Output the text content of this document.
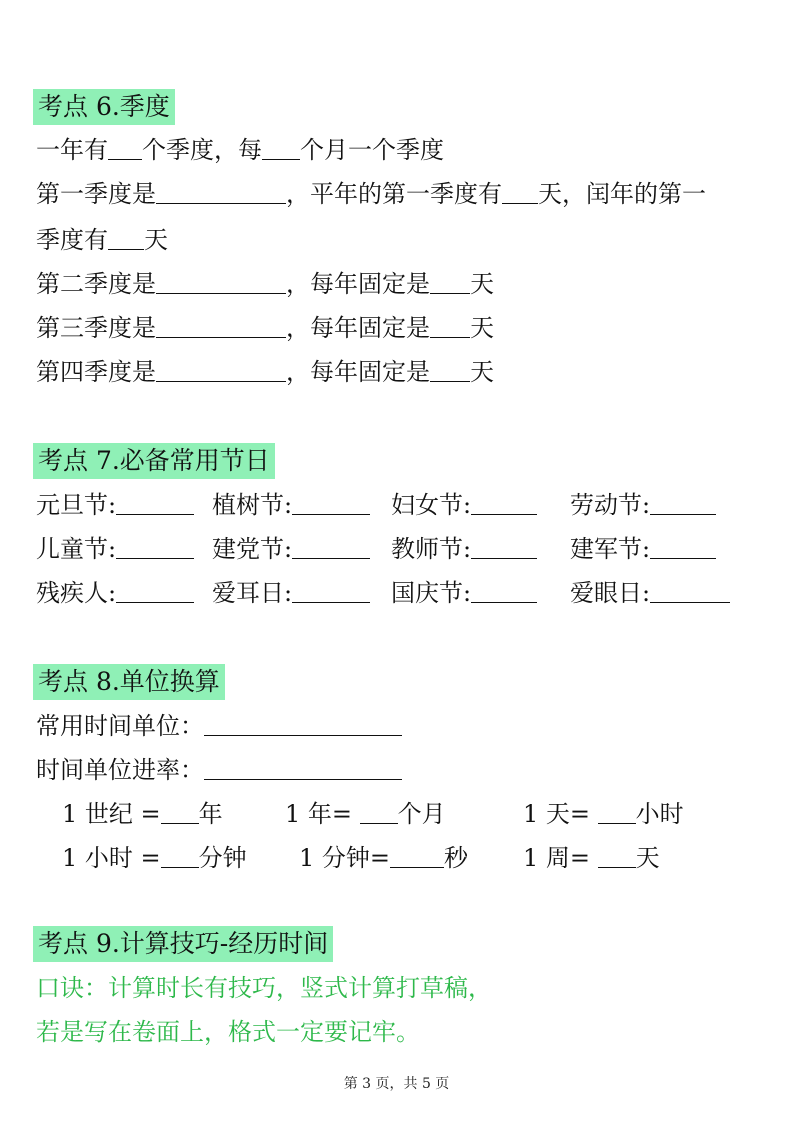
考点 6.季度
一年有 个季度，每 个月一个季度
第一季度是	，平年的第一季度有 天，闰年的第一
季度有 天
第二季度是	，每年固定是 天
第三季度是	，每年固定是 天
第四季度是	，每年固定是 天
考点 7.必备常用节日
元旦节:	植树节:	妇女节:	劳动节:
儿童节:	建党节:	教师节:	建军节:
残疾人:	爱耳日:	国庆节:	爱眼日:
考点 8.单位换算
常用时间单位：
时间单位进率：
1 世纪 = 年	1 年= 个月	1 天= 小时
1 小时 = 分钟 1 分钟= 秒 1 周= 天
考点 9.计算技巧-经历时间
口诀：计算时长有技巧，竖式计算打草稿，
若是写在卷面上，格式一定要记牢。
第 3 页，共 5 页
